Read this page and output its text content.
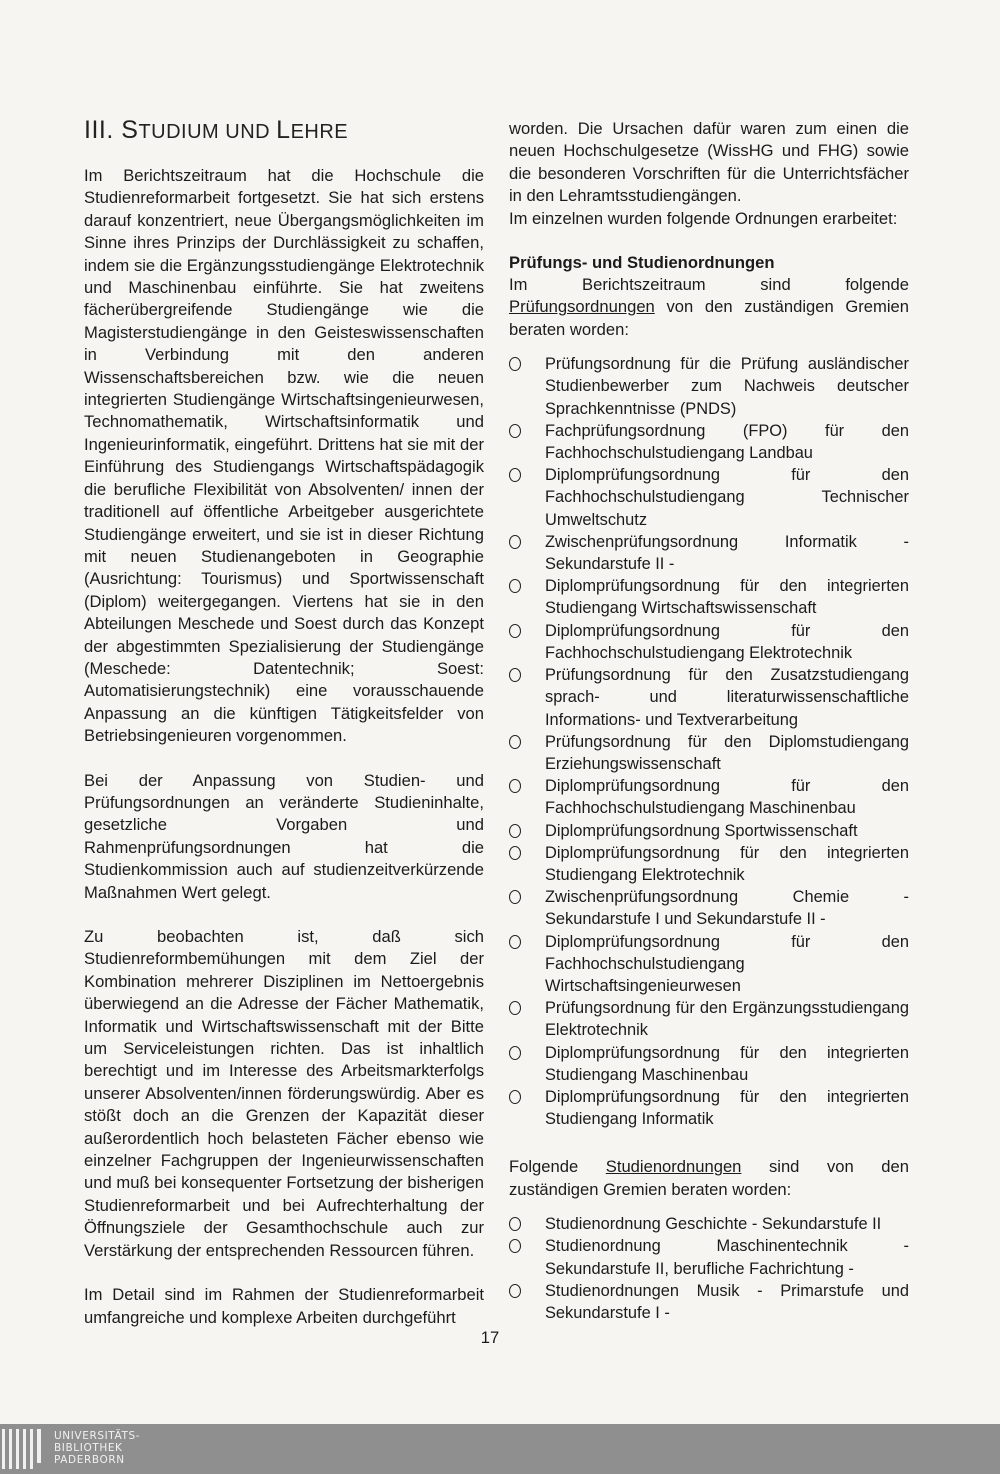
III. STUDIUM UND LEHRE

Im Berichtszeitraum hat die Hochschule die Studienreformarbeit fortgesetzt. Sie hat sich erstens darauf konzentriert, neue Übergangsmöglichkeiten im Sinne ihres Prinzips der Durchlässigkeit zu schaffen, indem sie die Ergänzungsstudiengänge Elektrotechnik und Maschinenbau einführte. Sie hat zweitens fächerübergreifende Studiengänge wie die Magisterstudiengänge in den Geisteswissenschaften in Verbindung mit den anderen Wissenschaftsbereichen bzw. wie die neuen integrierten Studiengänge Wirtschaftsingenieurwesen, Technomathematik, Wirtschaftsinformatik und Ingenieurinformatik, eingeführt. Drittens hat sie mit der Einführung des Studiengangs Wirtschaftspädagogik die berufliche Flexibilität von Absolventen/ innen der traditionell auf öffentliche Arbeitgeber ausgerichtete Studiengänge erweitert, und sie ist in dieser Richtung mit neuen Studienangeboten in Geographie (Ausrichtung: Tourismus) und Sportwissenschaft (Diplom) weitergegangen. Viertens hat sie in den Abteilungen Meschede und Soest durch das Konzept der abgestimmten Spezialisierung der Studiengänge (Meschede: Datentechnik; Soest: Automatisierungstechnik) eine vorausschauende Anpassung an die künftigen Tätigkeitsfelder von Betriebsingenieuren vorgenommen.

Bei der Anpassung von Studien- und Prüfungsordnungen an veränderte Studieninhalte, gesetzliche Vorgaben und Rahmenprüfungsordnungen hat die Studienkommission auch auf studienzeitverkürzende Maßnahmen Wert gelegt.

Zu beobachten ist, daß sich Studienreformbemühungen mit dem Ziel der Kombination mehrerer Disziplinen im Nettoergebnis überwiegend an die Adresse der Fächer Mathematik, Informatik und Wirtschaftswissenschaft mit der Bitte um Serviceleistungen richten. Das ist inhaltlich berechtigt und im Interesse des Arbeitsmarkterfolgs unserer Absolventen/innen förderungswürdig. Aber es stößt doch an die Grenzen der Kapazität dieser außerordentlich hoch belasteten Fächer ebenso wie einzelner Fachgruppen der Ingenieurwissenschaften und muß bei konsequenter Fortsetzung der bisherigen Studienreformarbeit und bei Aufrechterhaltung der Öffnungsziele der Gesamthochschule auch zur Verstärkung der entsprechenden Ressourcen führen.

Im Detail sind im Rahmen der Studienreformarbeit umfangreiche und komplexe Arbeiten durchgeführt

worden. Die Ursachen dafür waren zum einen die neuen Hochschulgesetze (WissHG und FHG) sowie die besonderen Vorschriften für die Unterrichtsfächer in den Lehramtsstudiengängen.

Im einzelnen wurden folgende Ordnungen erarbeitet:

Prüfungs- und Studienordnungen

Im Berichtszeitraum sind folgende Prüfungsordnungen von den zuständigen Gremien beraten worden:

Prüfungsordnung für die Prüfung ausländischer Studienbewerber zum Nachweis deutscher Sprachkenntnisse (PNDS)
Fachprüfungsordnung (FPO) für den Fachhochschulstudiengang Landbau
Diplomprüfungsordnung für den Fachhochschulstudiengang Technischer Umweltschutz
Zwischenprüfungsordnung Informatik - Sekundarstufe II -
Diplomprüfungsordnung für den integrierten Studiengang Wirtschaftswissenschaft
Diplomprüfungsordnung für den Fachhochschulstudiengang Elektrotechnik
Prüfungsordnung für den Zusatzstudiengang sprach- und literaturwissenschaftliche Informations- und Textverarbeitung
Prüfungsordnung für den Diplomstudiengang Erziehungswissenschaft
Diplomprüfungsordnung für den Fachhochschulstudiengang Maschinenbau
Diplomprüfungsordnung Sportwissenschaft
Diplomprüfungsordnung für den integrierten Studiengang Elektrotechnik
Zwischenprüfungsordnung Chemie - Sekundarstufe I und Sekundarstufe II -
Diplomprüfungsordnung für den Fachhochschulstudiengang Wirtschaftsingenieurwesen
Prüfungsordnung für den Ergänzungsstudiengang Elektrotechnik
Diplomprüfungsordnung für den integrierten Studiengang Maschinenbau
Diplomprüfungsordnung für den integrierten Studiengang Informatik

Folgende Studienordnungen sind von den zuständigen Gremien beraten worden:

Studienordnung Geschichte - Sekundarstufe II
Studienordnung Maschinentechnik - Sekundarstufe II, berufliche Fachrichtung -
Studienordnungen Musik - Primarstufe und Sekundarstufe I -
17
UNIVERSITÄTS-
BIBLIOTHEK
PADERBORN
